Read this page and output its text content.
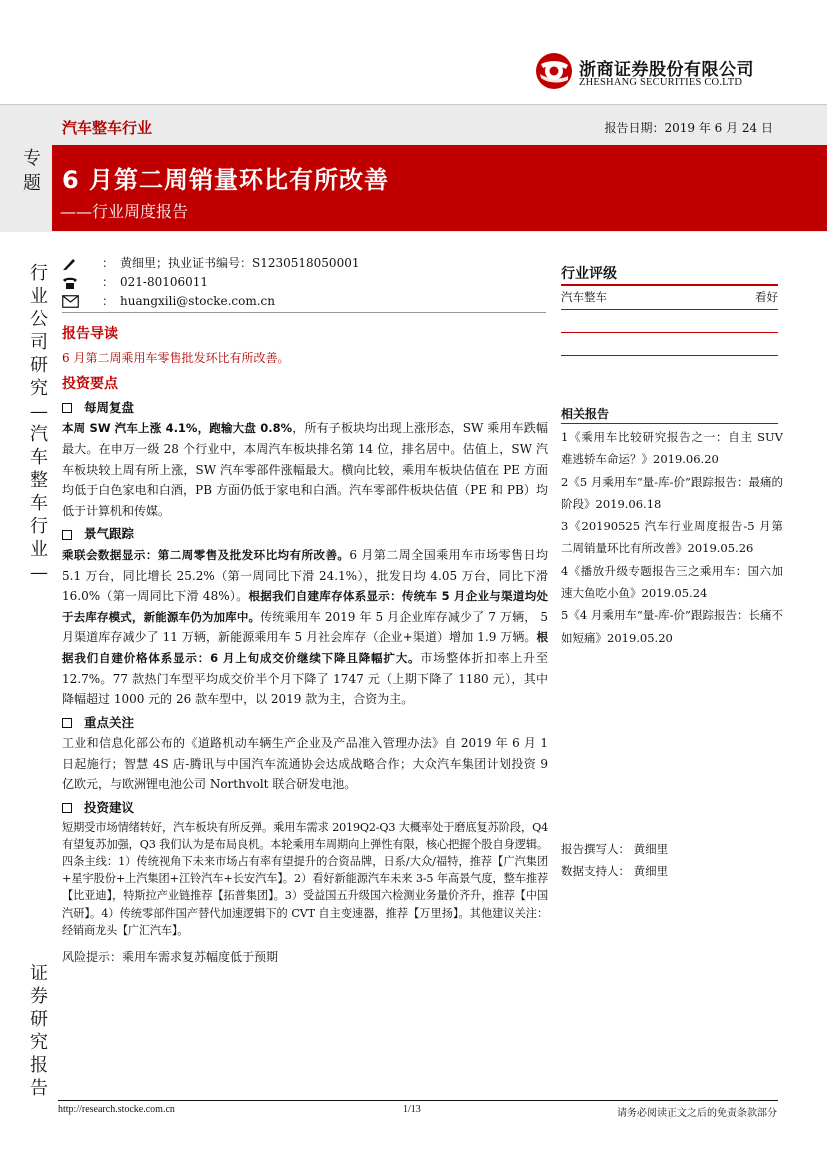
浙商证券股份有限公司
ZHESHANG SECURITIES CO.LTD
汽车整车行业	报告日期：2019 年 6 月 24 日
专题 6 月第二周销量环比有所改善
——行业周度报告
行
业
公
司
研
究
—
汽
车
整
车
行
业
—
证
券
研
究
报
告
： 黄细里；执业证书编号：S1230518050001
： 021-80106011
： huangxili@stocke.com.cn
报告导读
6 月第二周乘用车零售批发环比有所改善。
投资要点
每周复盘
本周 SW 汽车上涨 4.1%，跑输大盘 0.8%，所有子板块均出现上涨形态，SW 乘用车跌幅最大。在申万一级 28 个行业中，本周汽车板块排名第 14 位，排名居中。估值上，SW 汽车板块较上周有所上涨，SW 汽车零部件涨幅最大。横向比较，乘用车板块估值在 PE 方面均低于白色家电和白酒，PB 方面仍低于家电和白酒。汽车零部件板块估值（PE 和 PB）均低于计算机和传媒。
景气跟踪
乘联会数据显示：第二周零售及批发环比均有所改善。6 月第二周全国乘用车市场零售日均 5.1 万台，同比增长 25.2%（第一周同比下滑 24.1%），批发日均 4.05 万台，同比下滑 16.0%（第一周同比下滑 48%）。根据我们自建库存体系显示：传统车 5 月企业与渠道均处于去库存模式，新能源车仍为加库中。传统乘用车 2019 年 5 月企业库存减少了 7 万辆， 5 月渠道库存减少了 11 万辆，新能源乘用车 5 月社会库存（企业+渠道）增加 1.9 万辆。根据我们自建价格体系显示：6 月上旬成交价继续下降且降幅扩大。市场整体折扣率上升至 12.7%。77 款热门车型平均成交价半个月下降了 1747 元（上期下降了 1180 元），其中降幅超过 1000 元的 26 款车型中，以 2019 款为主，合资为主。
重点关注
工业和信息化部公布的《道路机动车辆生产企业及产品准入管理办法》自 2019 年 6 月 1 日起施行；智慧 4S 店-腾讯与中国汽车流通协会达成战略合作；大众汽车集团计划投资 9 亿欧元，与欧洲锂电池公司 Northvolt 联合研发电池。
投资建议
短期受市场情绪转好，汽车板块有所反弹。乘用车需求 2019Q2-Q3 大概率处于磨底复苏阶段，Q4 有望复苏加强，Q3 我们认为是布局良机。本轮乘用车周期向上弹性有限，核心把握个股自身逻辑。四条主线：1）传统视角下未来市场占有率有望提升的合资品牌，日系/大众/福特，推荐【广汽集团+星宇股份+上汽集团+江铃汽车+长安汽车】。2）看好新能源汽车未来 3-5 年高景气度，整车推荐【比亚迪】，特斯拉产业链推荐【拓普集团】。3）受益国五升级国六检测业务量价齐升，推荐【中国汽研】。4）传统零部件国产替代加速逻辑下的 CVT 自主变速器，推荐【万里扬】。其他建议关注：经销商龙头【广汇汽车】。
风险提示：乘用车需求复苏幅度低于预期
行业评级
汽车整车	看好
相关报告
1《乘用车比较研究报告之一：自主 SUV 难逃轿车命运？》2019.06.20
2《5 月乘用车“量-库-价”跟踪报告：最痛的阶段》2019.06.18
3《20190525 汽车行业周度报告-5 月第二周销量环比有所改善》2019.05.26
4《播放升级专题报告三之乘用车：国六加速大鱼吃小鱼》2019.05.24
5《4 月乘用车“量-库-价”跟踪报告：长痛不如短痛》2019.05.20
报告撰写人： 黄细里
数据支持人： 黄细里
http://research.stocke.com.cn	1/13	请务必阅读正文之后的免责条款部分
